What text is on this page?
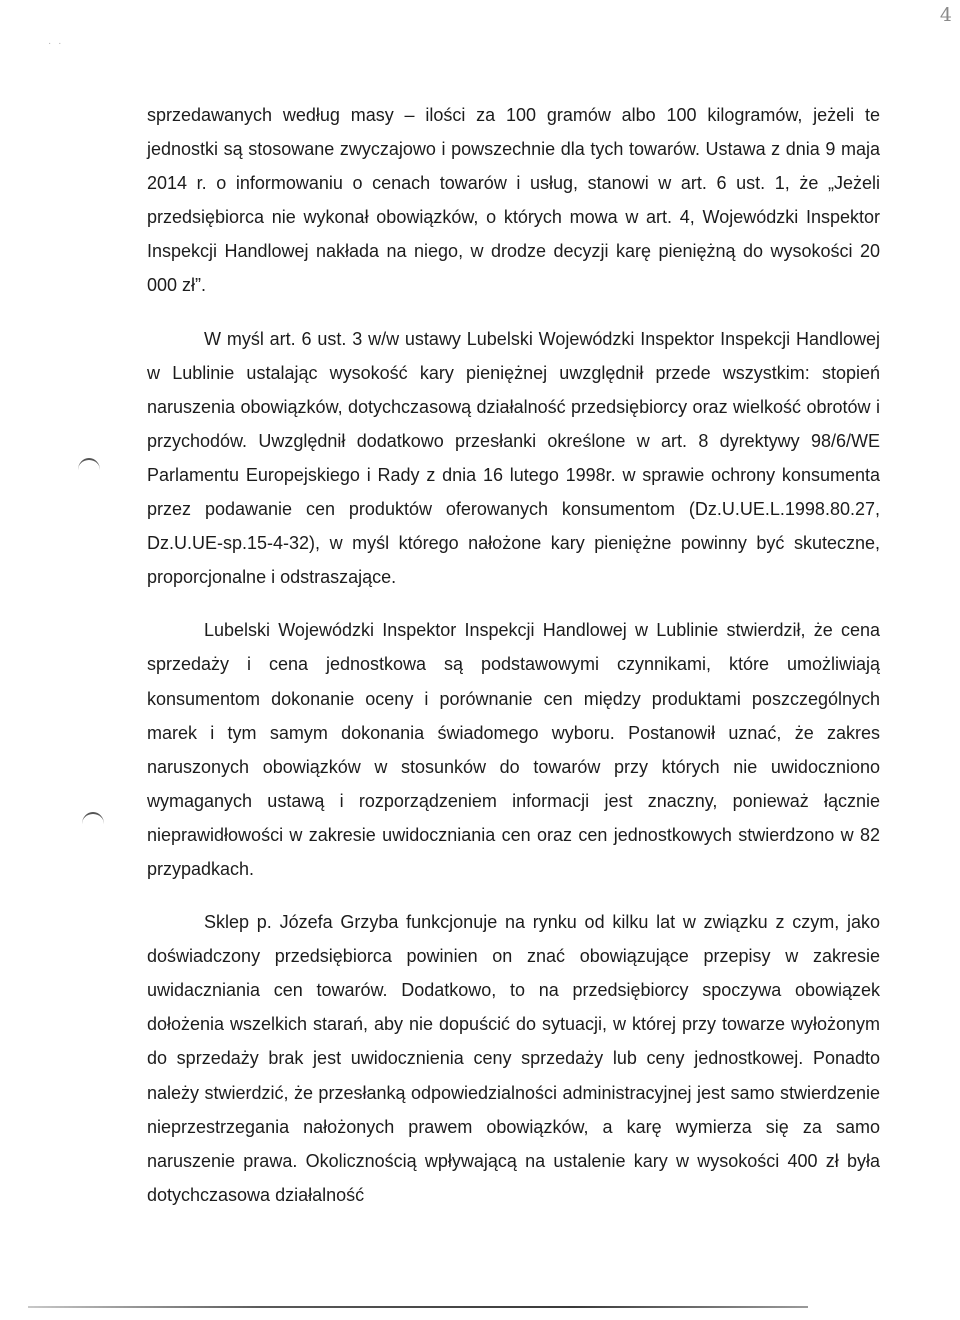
4
· ·

sprzedawanych według masy – ilości za 100 gramów albo 100 kilogramów, jeżeli te jednostki są stosowane zwyczajowo i powszechnie dla tych towarów. Ustawa z dnia 9 maja 2014 r. o informowaniu o cenach towarów i usług, stanowi w art. 6 ust. 1, że „Jeżeli przedsiębiorca nie wykonał obowiązków, o których mowa w art. 4, Wojewódzki Inspektor Inspekcji Handlowej nakłada na niego, w drodze decyzji karę pieniężną do wysokości 20 000 zł”.

W myśl art. 6 ust. 3 w/w ustawy Lubelski Wojewódzki Inspektor Inspekcji Handlowej w Lublinie ustalając wysokość kary pieniężnej uwzględnił przede wszystkim: stopień naruszenia obowiązków, dotychczasową działalność przedsiębiorcy oraz wielkość obrotów i przychodów. Uwzględnił dodatkowo przesłanki określone w art. 8 dyrektywy 98/6/WE Parlamentu Europejskiego i Rady z dnia 16 lutego 1998r. w sprawie ochrony konsumenta przez podawanie cen produktów oferowanych konsumentom (Dz.U.UE.L.1998.80.27, Dz.U.UE-sp.15-4-32), w myśl którego nałożone kary pieniężne powinny być skuteczne, proporcjonalne i odstraszające.

Lubelski Wojewódzki Inspektor Inspekcji Handlowej w Lublinie stwierdził, że cena sprzedaży i cena jednostkowa są podstawowymi czynnikami, które umożliwiają konsumentom dokonanie oceny i porównanie cen między produktami poszczególnych marek i tym samym dokonania świadomego wyboru. Postanowił uznać, że zakres naruszonych obowiązków w stosunków do towarów przy których nie uwidoczniono wymaganych ustawą i rozporządzeniem informacji jest znaczny, ponieważ łącznie nieprawidłowości w zakresie uwidoczniania cen oraz cen jednostkowych stwierdzono w 82 przypadkach.

Sklep p. Józefa Grzyba funkcjonuje na rynku od kilku lat w związku z czym, jako doświadczony przedsiębiorca powinien on znać obowiązujące przepisy w zakresie uwidaczniania cen towarów. Dodatkowo, to na przedsiębiorcy spoczywa obowiązek dołożenia wszelkich starań, aby nie dopuścić do sytuacji, w której przy towarze wyłożonym do sprzedaży brak jest uwidocznienia ceny sprzedaży lub ceny jednostkowej. Ponadto należy stwierdzić, że przesłanką odpowiedzialności administracyjnej jest samo stwierdzenie nieprzestrzegania nałożonych prawem obowiązków, a karę wymierza się za samo naruszenie prawa. Okolicznością wpływającą na ustalenie kary w wysokości 400 zł była dotychczasowa działalność
